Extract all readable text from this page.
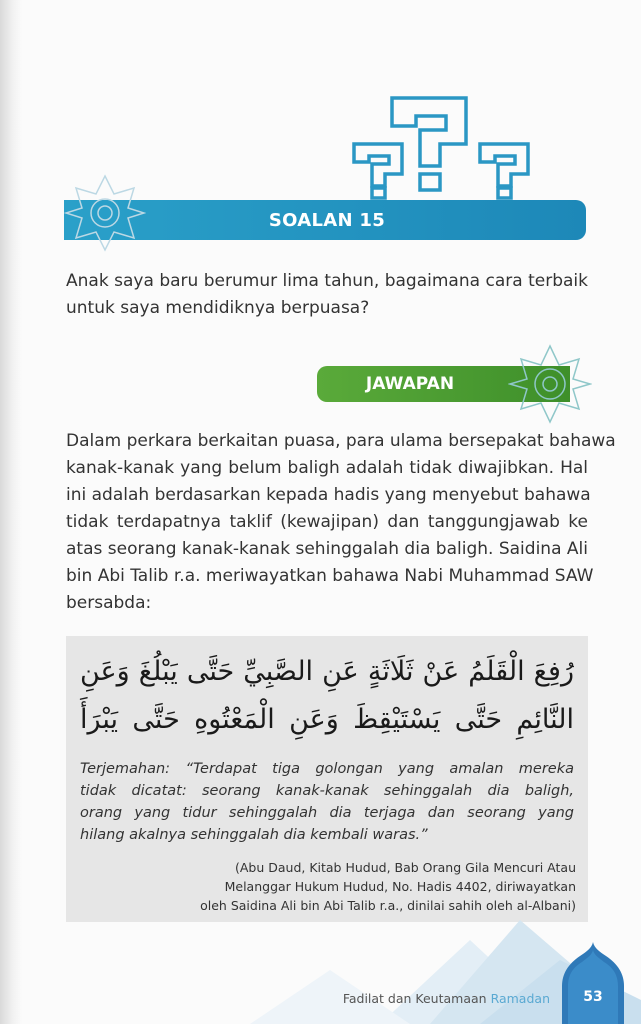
SOALAN 15
Anak saya baru berumur lima tahun, bagaimana cara terbaik untuk saya mendidiknya berpuasa?
JAWAPAN
Dalam perkara berkaitan puasa, para ulama bersepakat bahawa
kanak-kanak yang belum baligh adalah tidak diwajibkan. Hal
ini adalah berdasarkan kepada hadis yang menyebut bahawa
tidak terdapatnya taklif (kewajipan) dan tanggungjawab ke
atas seorang kanak-kanak sehinggalah dia baligh. Saidina Ali
bin Abi Talib r.a. meriwayatkan bahawa Nabi Muhammad SAW
bersabda:
رُفِعَ الْقَلَمُ عَنْ ثَلَاثَةٍ عَنِ الصَّبِيِّ حَتَّى يَبْلُغَ وَعَنِ
النَّائِمِ حَتَّى يَسْتَيْقِظَ وَعَنِ الْمَعْتُوهِ حَتَّى يَبْرَأَ
Terjemahan: “Terdapat tiga golongan yang amalan mereka
tidak dicatat: seorang kanak-kanak sehinggalah dia baligh,
orang yang tidur sehinggalah dia terjaga dan seorang yang
hilang akalnya sehinggalah dia kembali waras.”
(Abu Daud, Kitab Hudud, Bab Orang Gila Mencuri Atau
Melanggar Hukum Hudud, No. Hadis 4402, diriwayatkan
oleh Saidina Ali bin Abi Talib r.a., dinilai sahih oleh al-Albani)
Fadilat dan Keutamaan Ramadan	53
